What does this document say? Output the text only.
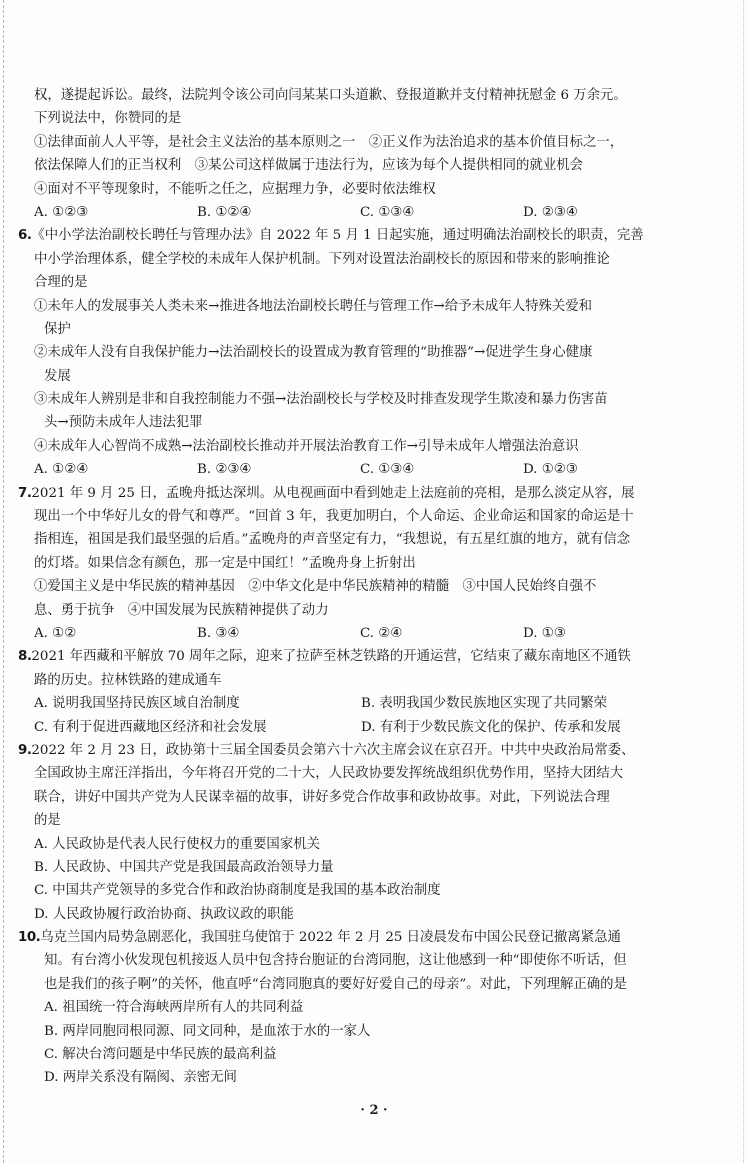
权，遂提起诉讼。最终，法院判令该公司向闫某某口头道歉、登报道歉并支付精神抚慰金 6 万余元。
下列说法中，你赞同的是
①法律面前人人平等，是社会主义法治的基本原则之一　②正义作为法治追求的基本价值目标之一，
依法保障人们的正当权利　③某公司这样做属于违法行为，应该为每个人提供相同的就业机会
④面对不平等现象时，不能听之任之，应据理力争，必要时依法维权
A. ①②③	B. ①②④	C. ①③④	D. ②③④
6.《中小学法治副校长聘任与管理办法》自 2022 年 5 月 1 日起实施，通过明确法治副校长的职责，完善
中小学治理体系，健全学校的未成年人保护机制。下列对设置法治副校长的原因和带来的影响推论
合理的是
①未年人的发展事关人类未来→推进各地法治副校长聘任与管理工作→给予未成年人特殊关爱和
保护
②未成年人没有自我保护能力→法治副校长的设置成为教育管理的“助推器”→促进学生身心健康
发展
③未成年人辨别是非和自我控制能力不强→法治副校长与学校及时排查发现学生欺凌和暴力伤害苗
头→预防未成年人违法犯罪
④未成年人心智尚不成熟→法治副校长推动并开展法治教育工作→引导未成年人增强法治意识
A. ①②④	B. ②③④	C. ①③④	D. ①②③
7.2021 年 9 月 25 日，孟晚舟抵达深圳。从电视画面中看到她走上法庭前的亮相，是那么淡定从容，展
现出一个中华好儿女的骨气和尊严。“回首 3 年，我更加明白，个人命运、企业命运和国家的命运是十
指相连，祖国是我们最坚强的后盾。”孟晚舟的声音坚定有力，“我想说，有五星红旗的地方，就有信念
的灯塔。如果信念有颜色，那一定是中国红！”孟晚舟身上折射出
①爱国主义是中华民族的精神基因　②中华文化是中华民族精神的精髓　③中国人民始终自强不
息、勇于抗争　④中国发展为民族精神提供了动力
A. ①②	B. ③④	C. ②④	D. ①③
8.2021 年西藏和平解放 70 周年之际，迎来了拉萨至林芝铁路的开通运营，它结束了藏东南地区不通铁
路的历史。拉林铁路的建成通车
A. 说明我国坚持民族区域自治制度	B. 表明我国少数民族地区实现了共同繁荣
C. 有利于促进西藏地区经济和社会发展	D. 有利于少数民族文化的保护、传承和发展
9.2022 年 2 月 23 日，政协第十三届全国委员会第六十六次主席会议在京召开。中共中央政治局常委、
全国政协主席汪洋指出，今年将召开党的二十大，人民政协要发挥统战组织优势作用，坚持大团结大
联合，讲好中国共产党为人民谋幸福的故事，讲好多党合作故事和政协故事。对此，下列说法合理
的是
A. 人民政协是代表人民行使权力的重要国家机关
B. 人民政协、中国共产党是我国最高政治领导力量
C. 中国共产党领导的多党合作和政治协商制度是我国的基本政治制度
D. 人民政协履行政治协商、执政议政的职能
10.乌克兰国内局势急剧恶化，我国驻乌使馆于 2022 年 2 月 25 日凌晨发布中国公民登记撤离紧急通
知。有台湾小伙发现包机接返人员中包含持台胞证的台湾同胞，这让他感到一种“即使你不听话，但
也是我们的孩子啊”的关怀，他直呼“台湾同胞真的要好好爱自己的母亲”。对此，下列理解正确的是
A. 祖国统一符合海峡两岸所有人的共同利益
B. 两岸同胞同根同源、同文同种，是血浓于水的一家人
C. 解决台湾问题是中华民族的最高利益
D. 两岸关系没有隔阂、亲密无间
· 2 ·
